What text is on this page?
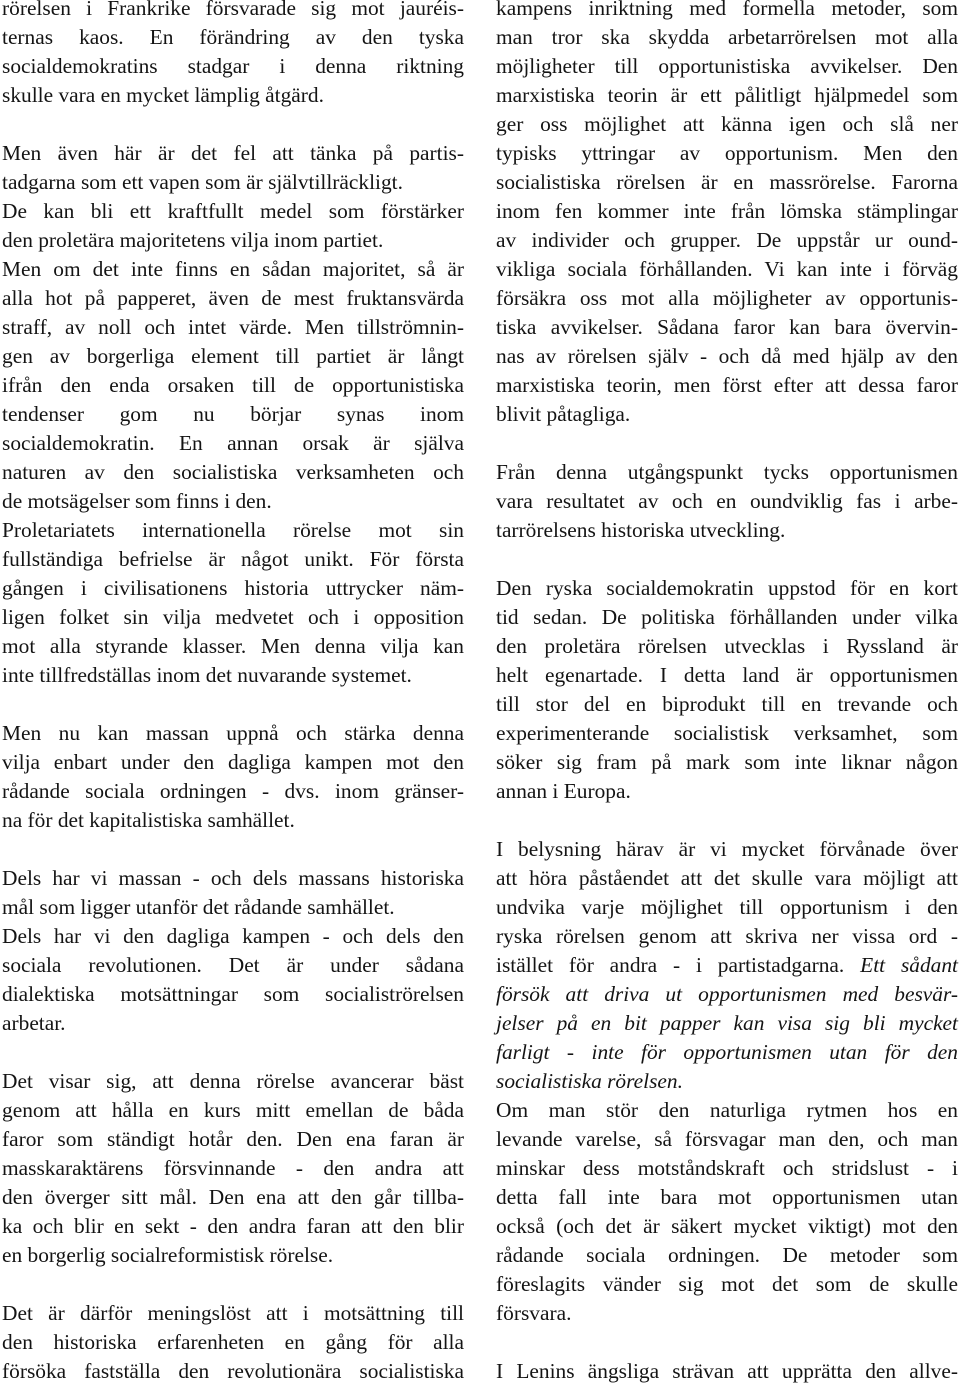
rörelsen i Frankrike försvarade sig mot jauréis-
ternas kaos. En förändring av den tyska
socialdemokratins stadgar i denna riktning
skulle vara en mycket lämplig åtgärd.
Men även här är det fel att tänka på partis-
tadgarna som ett vapen som är självtillräckligt.
De kan bli ett kraftfullt medel som förstärker
den proletära majoritetens vilja inom partiet.
Men om det inte finns en sådan majoritet, så är
alla hot på papperet, även de mest fruktansvärda
straff, av noll och intet värde. Men tillströmnin-
gen av borgerliga element till partiet är långt
ifrån den enda orsaken till de opportunistiska
tendenser gom nu börjar synas inom
socialdemokratin. En annan orsak är själva
naturen av den socialistiska verksamheten och
de motsägelser som finns i den.
Proletariatets internationella rörelse mot sin
fullständiga befrielse är något unikt. För första
gången i civilisationens historia uttrycker näm-
ligen folket sin vilja medvetet och i opposition
mot alla styrande klasser. Men denna vilja kan
inte tillfredställas inom det nuvarande systemet.
Men nu kan massan uppnå och stärka denna
vilja enbart under den dagliga kampen mot den
rådande sociala ordningen - dvs. inom gränser-
na för det kapitalistiska samhället.
Dels har vi massan - och dels massans historiska
mål som ligger utanför det rådande samhället.
Dels har vi den dagliga kampen - och dels den
sociala revolutionen. Det är under sådana
dialektiska motsättningar som socialiströrelsen
arbetar.
Det visar sig, att denna rörelse avancerar bäst
genom att hålla en kurs mitt emellan de båda
faror som ständigt hotår den. Den ena faran är
masskaraktärens försvinnande - den andra att
den överger sitt mål. Den ena att den går tillba-
ka och blir en sekt - den andra faran att den blir
en borgerlig socialreformistisk rörelse.
Det är därför meningslöst att i motsättning till
den historiska erfarenheten en gång för alla
försöka fastställa den revolutionära socialistiska
kampens inriktning med formella metoder, som
man tror ska skydda arbetarrörelsen mot alla
möjligheter till opportunistiska avvikelser. Den
marxistiska teorin är ett pålitligt hjälpmedel som
ger oss möjlighet att känna igen och slå ner
typisks yttringar av opportunism. Men den
socialistiska rörelsen är en massrörelse. Farorna
inom fen kommer inte från lömska stämplingar
av individer och grupper. De uppstår ur ound-
vikliga sociala förhållanden. Vi kan inte i förväg
försäkra oss mot alla möjligheter av opportunis-
tiska avvikelser. Sådana faror kan bara övervin-
nas av rörelsen själv - och då med hjälp av den
marxistiska teorin, men först efter att dessa faror
blivit påtagliga.
Från denna utgångspunkt tycks opportunismen
vara resultatet av och en oundviklig fas i arbe-
tarrörelsens historiska utveckling.
Den ryska socialdemokratin uppstod för en kort
tid sedan. De politiska förhållanden under vilka
den proletära rörelsen utvecklas i Ryssland är
helt egenartade. I detta land är opportunismen
till stor del en biprodukt till en trevande och
experimenterande socialistisk verksamhet, som
söker sig fram på mark som inte liknar någon
annan i Europa.
I belysning härav är vi mycket förvånade över
att höra påståendet att det skulle vara möjligt att
undvika varje möjlighet till opportunism i den
ryska rörelsen genom att skriva ner vissa ord -
istället för andra - i partistadgarna. Ett sådant
försök att driva ut opportunismen med besvär-
jelser på en bit papper kan visa sig bli mycket
farligt - inte för opportunismen utan för den
socialistiska rörelsen.
Om man stör den naturliga rytmen hos en
levande varelse, så försvagar man den, och man
minskar dess motståndskraft och stridslust - i
detta fall inte bara mot opportunismen utan
också (och det är säkert mycket viktigt) mot den
rådande sociala ordningen. De metoder som
föreslagits vänder sig mot det som de skulle
försvara.
I Lenins ängsliga strävan att upprätta den allve-
